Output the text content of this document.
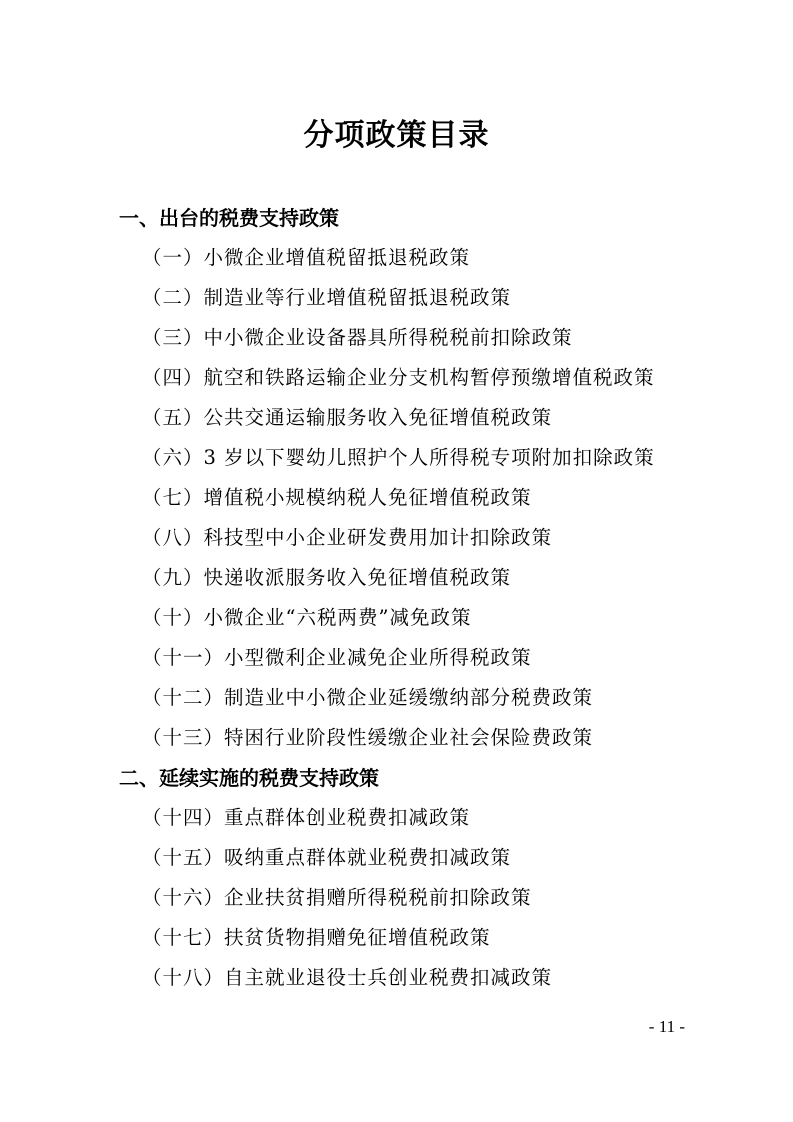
分项政策目录
一、出台的税费支持政策
（一）小微企业增值税留抵退税政策
（二）制造业等行业增值税留抵退税政策
（三）中小微企业设备器具所得税税前扣除政策
（四）航空和铁路运输企业分支机构暂停预缴增值税政策
（五）公共交通运输服务收入免征增值税政策
（六）3 岁以下婴幼儿照护个人所得税专项附加扣除政策
（七）增值税小规模纳税人免征增值税政策
（八）科技型中小企业研发费用加计扣除政策
（九）快递收派服务收入免征增值税政策
（十）小微企业“六税两费”减免政策
（十一）小型微利企业减免企业所得税政策
（十二）制造业中小微企业延缓缴纳部分税费政策
（十三）特困行业阶段性缓缴企业社会保险费政策
二、延续实施的税费支持政策
（十四）重点群体创业税费扣减政策
（十五）吸纳重点群体就业税费扣减政策
（十六）企业扶贫捐赠所得税税前扣除政策
（十七）扶贫货物捐赠免征增值税政策
（十八）自主就业退役士兵创业税费扣减政策
- 11 -
